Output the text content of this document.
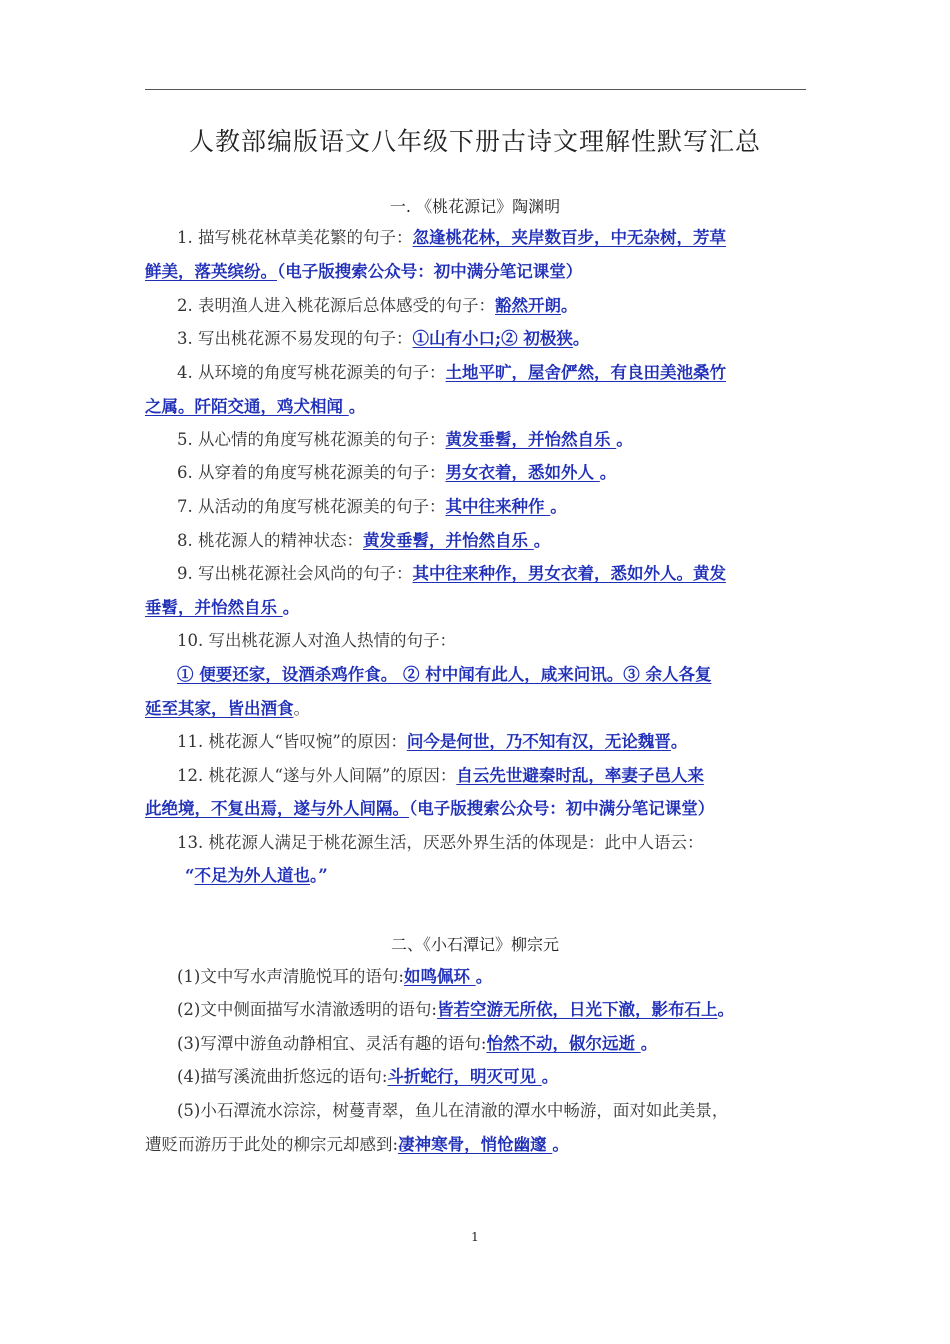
人教部编版语文八年级下册古诗文理解性默写汇总
一. 《桃花源记》陶渊明
1. 描写桃花林草美花繁的句子：忽逢桃花林，夹岸数百步，中无杂树，芳草
鲜美，落英缤纷。（电子版搜索公众号：初中满分笔记课堂）
2. 表明渔人进入桃花源后总体感受的句子：豁然开朗。
3. 写出桃花源不易发现的句子：①山有小口;② 初极狭。
4. 从环境的角度写桃花源美的句子：土地平旷，屋舍俨然，有良田美池桑竹
之属。阡陌交通，鸡犬相闻 。
5. 从心情的角度写桃花源美的句子：黄发垂髫，并怡然自乐 。
6. 从穿着的角度写桃花源美的句子：男女衣着，悉如外人 。
7. 从活动的角度写桃花源美的句子：其中往来种作 。
8. 桃花源人的精神状态：黄发垂髫，并怡然自乐 。
9. 写出桃花源社会风尚的句子：其中往来种作，男女衣着，悉如外人。黄发
垂髫，并怡然自乐 。
10. 写出桃花源人对渔人热情的句子：
① 便要还家，设酒杀鸡作食。 ② 村中闻有此人，咸来问讯。③ 余人各复
延至其家，皆出酒食。
11. 桃花源人“皆叹惋”的原因：问今是何世，乃不知有汉，无论魏晋。
12. 桃花源人“遂与外人间隔”的原因：自云先世避秦时乱，率妻子邑人来
此绝境，不复出焉，遂与外人间隔。（电子版搜索公众号：初中满分笔记课堂）
13. 桃花源人满足于桃花源生活，厌恶外界生活的体现是：此中人语云：
“不足为外人道也。”
二、《小石潭记》柳宗元
(1)文中写水声清脆悦耳的语句:如鸣佩环 。
(2)文中侧面描写水清澈透明的语句:皆若空游无所依，日光下澈，影布石上。
(3)写潭中游鱼动静相宜、灵活有趣的语句:怡然不动，俶尔远逝 。
(4)描写溪流曲折悠远的语句:斗折蛇行，明灭可见 。
(5)小石潭流水淙淙，树蔓青翠，鱼儿在清澈的潭水中畅游，面对如此美景，
遭贬而游历于此处的柳宗元却感到:凄神寒骨，悄怆幽邃 。
1
